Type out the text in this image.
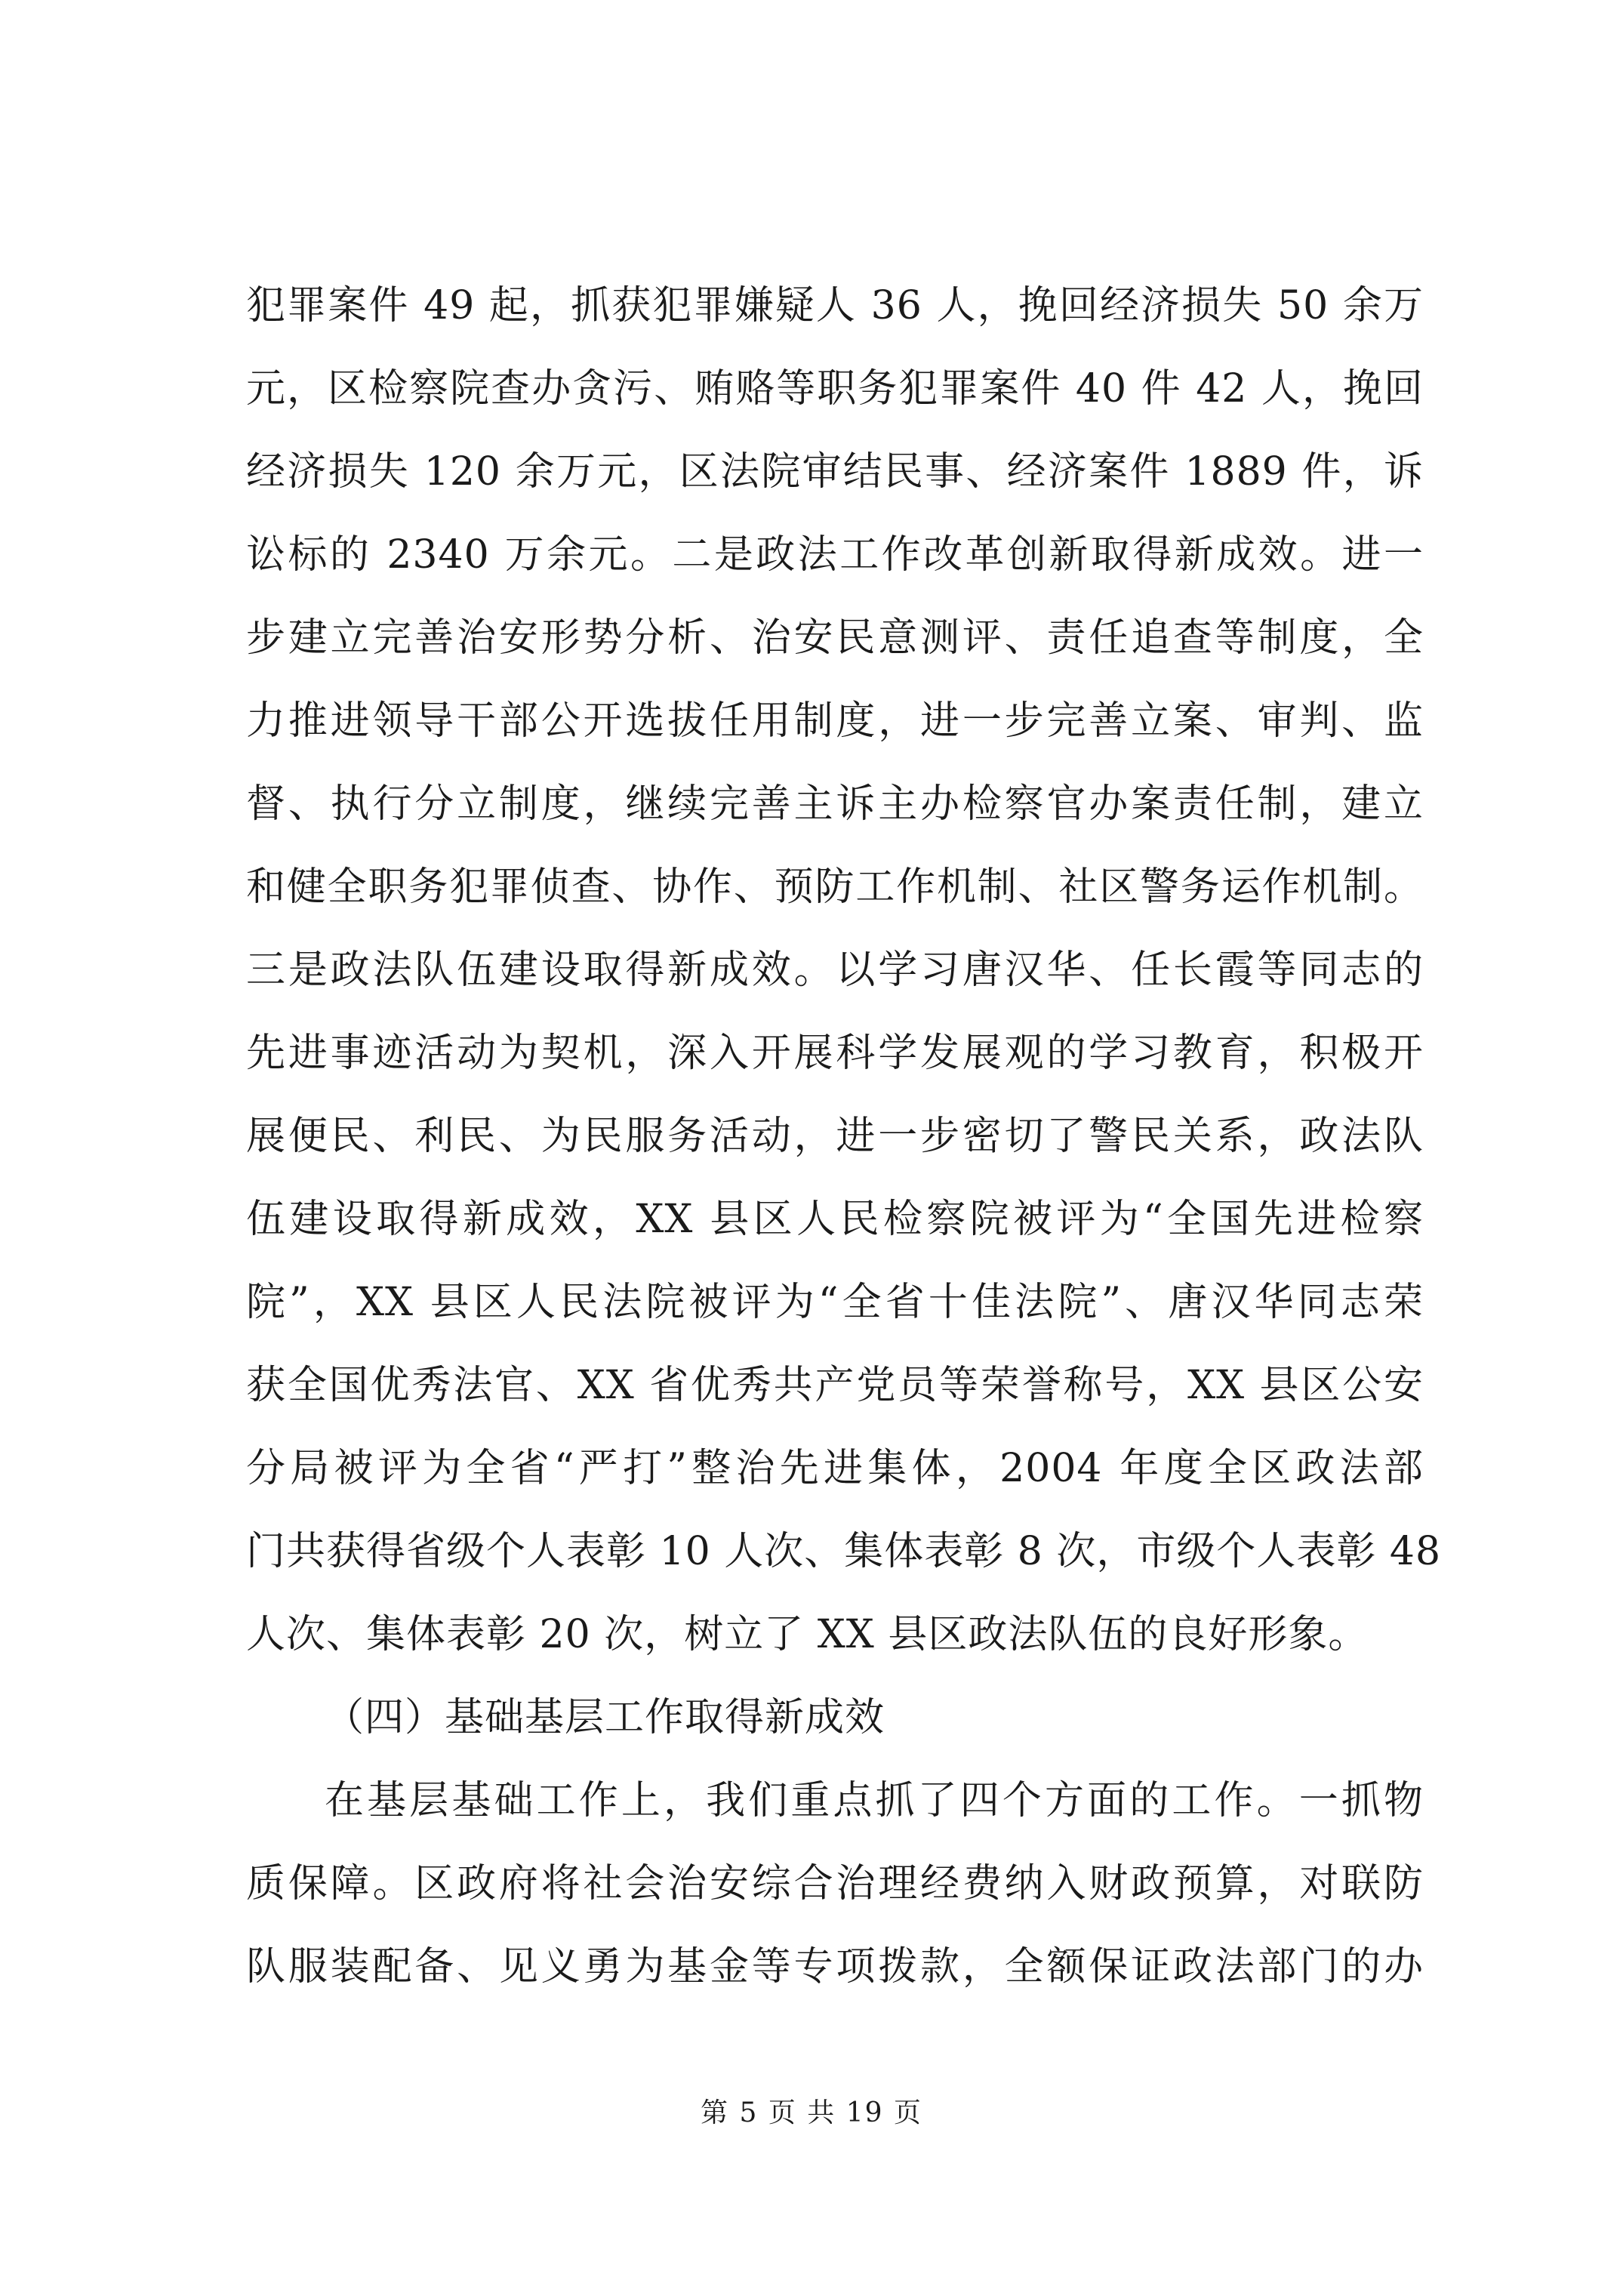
犯罪案件 49 起，抓获犯罪嫌疑人 36 人，挽回经济损失 50 余万
元，区检察院查办贪污、贿赂等职务犯罪案件 40 件 42 人，挽回
经济损失 120 余万元，区法院审结民事、经济案件 1889 件，诉
讼标的 2340 万余元。二是政法工作改革创新取得新成效。进一
步建立完善治安形势分析、治安民意测评、责任追查等制度，全
力推进领导干部公开选拔任用制度，进一步完善立案、审判、监
督、执行分立制度，继续完善主诉主办检察官办案责任制，建立
和健全职务犯罪侦查、协作、预防工作机制、社区警务运作机制。
三是政法队伍建设取得新成效。以学习唐汉华、任长霞等同志的
先进事迹活动为契机，深入开展科学发展观的学习教育，积极开
展便民、利民、为民服务活动，进一步密切了警民关系，政法队
伍建设取得新成效，XX 县区人民检察院被评为“全国先进检察
院”，XX 县区人民法院被评为“全省十佳法院”、唐汉华同志荣
获全国优秀法官、XX 省优秀共产党员等荣誉称号，XX 县区公安
分局被评为全省“严打”整治先进集体，2004 年度全区政法部
门共获得省级个人表彰 10 人次、集体表彰 8 次，市级个人表彰 48
人次、集体表彰 20 次，树立了 XX 县区政法队伍的良好形象。
（四）基础基层工作取得新成效
在基层基础工作上，我们重点抓了四个方面的工作。一抓物
质保障。区政府将社会治安综合治理经费纳入财政预算，对联防
队服装配备、见义勇为基金等专项拨款，全额保证政法部门的办
第 5 页 共 19 页
